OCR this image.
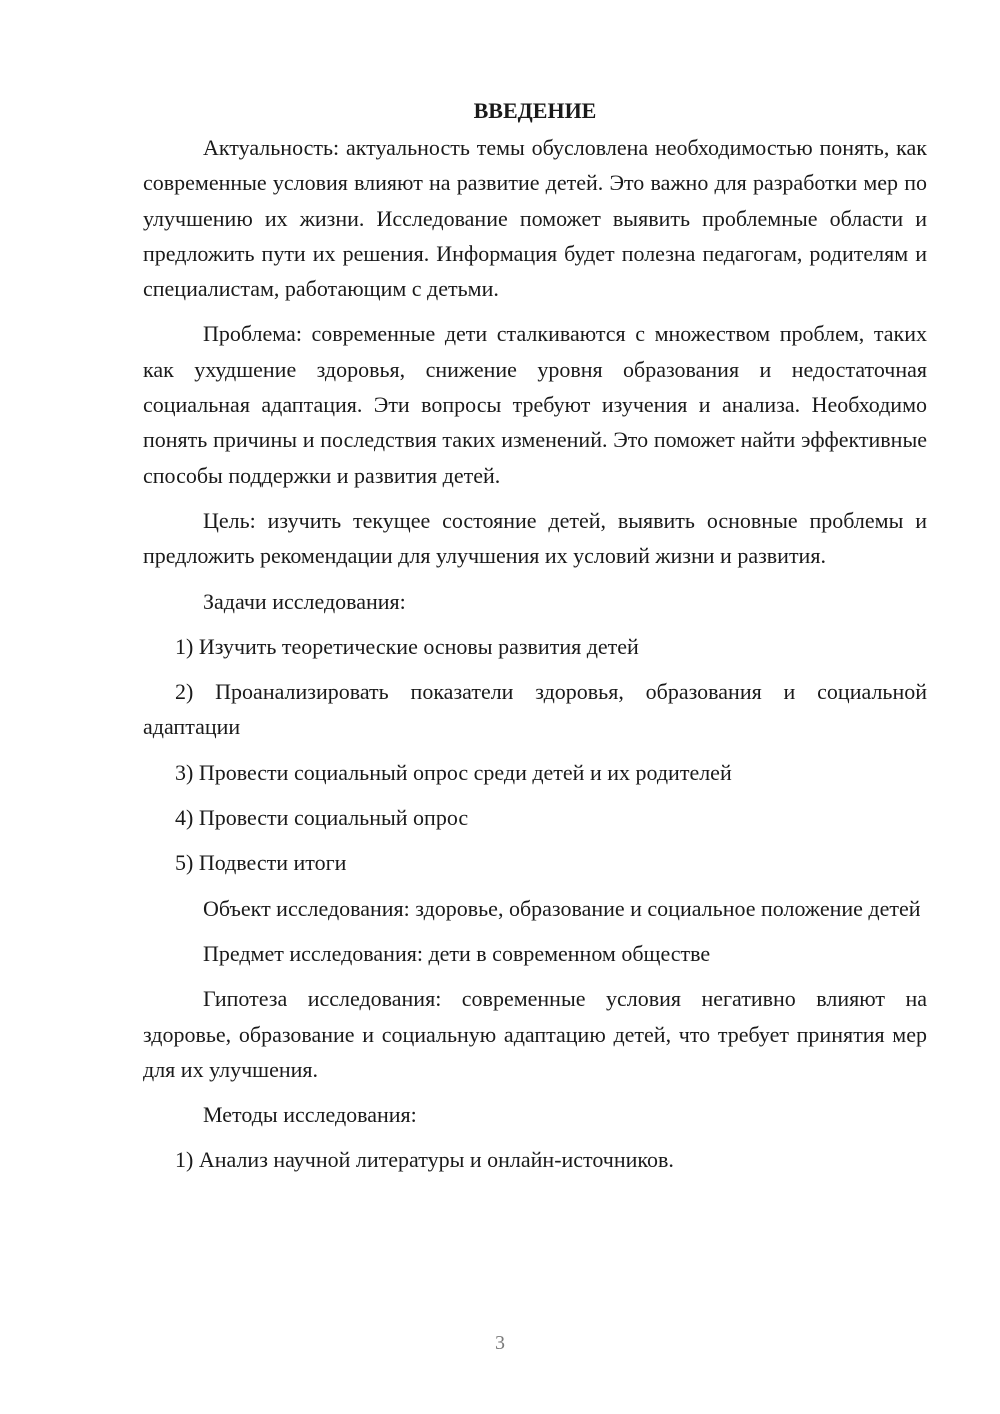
ВВЕДЕНИЕ

Актуальность: актуальность темы обусловлена необходимостью понять, как современные условия влияют на развитие детей. Это важно для разработки мер по улучшению их жизни. Исследование поможет выявить проблемные области и предложить пути их решения. Информация будет полезна педагогам, родителям и специалистам, работающим с детьми.

Проблема: современные дети сталкиваются с множеством проблем, таких как ухудшение здоровья, снижение уровня образования и недостаточная социальная адаптация. Эти вопросы требуют изучения и анализа. Необходимо понять причины и последствия таких изменений. Это поможет найти эффективные способы поддержки и развития детей.

Цель: изучить текущее состояние детей, выявить основные проблемы и предложить рекомендации для улучшения их условий жизни и развития.

Задачи исследования:

1) Изучить теоретические основы развития детей

2) Проанализировать показатели здоровья, образования и социальной адаптации

3) Провести социальный опрос среди детей и их родителей

4) Провести социальный опрос

5) Подвести итоги

Объект исследования: здоровье, образование и социальное положение детей

Предмет исследования: дети в современном обществе

Гипотеза исследования: современные условия негативно влияют на здоровье, образование и социальную адаптацию детей, что требует принятия мер для их улучшения.

Методы исследования:

1) Анализ научной литературы и онлайн-источников.

3
